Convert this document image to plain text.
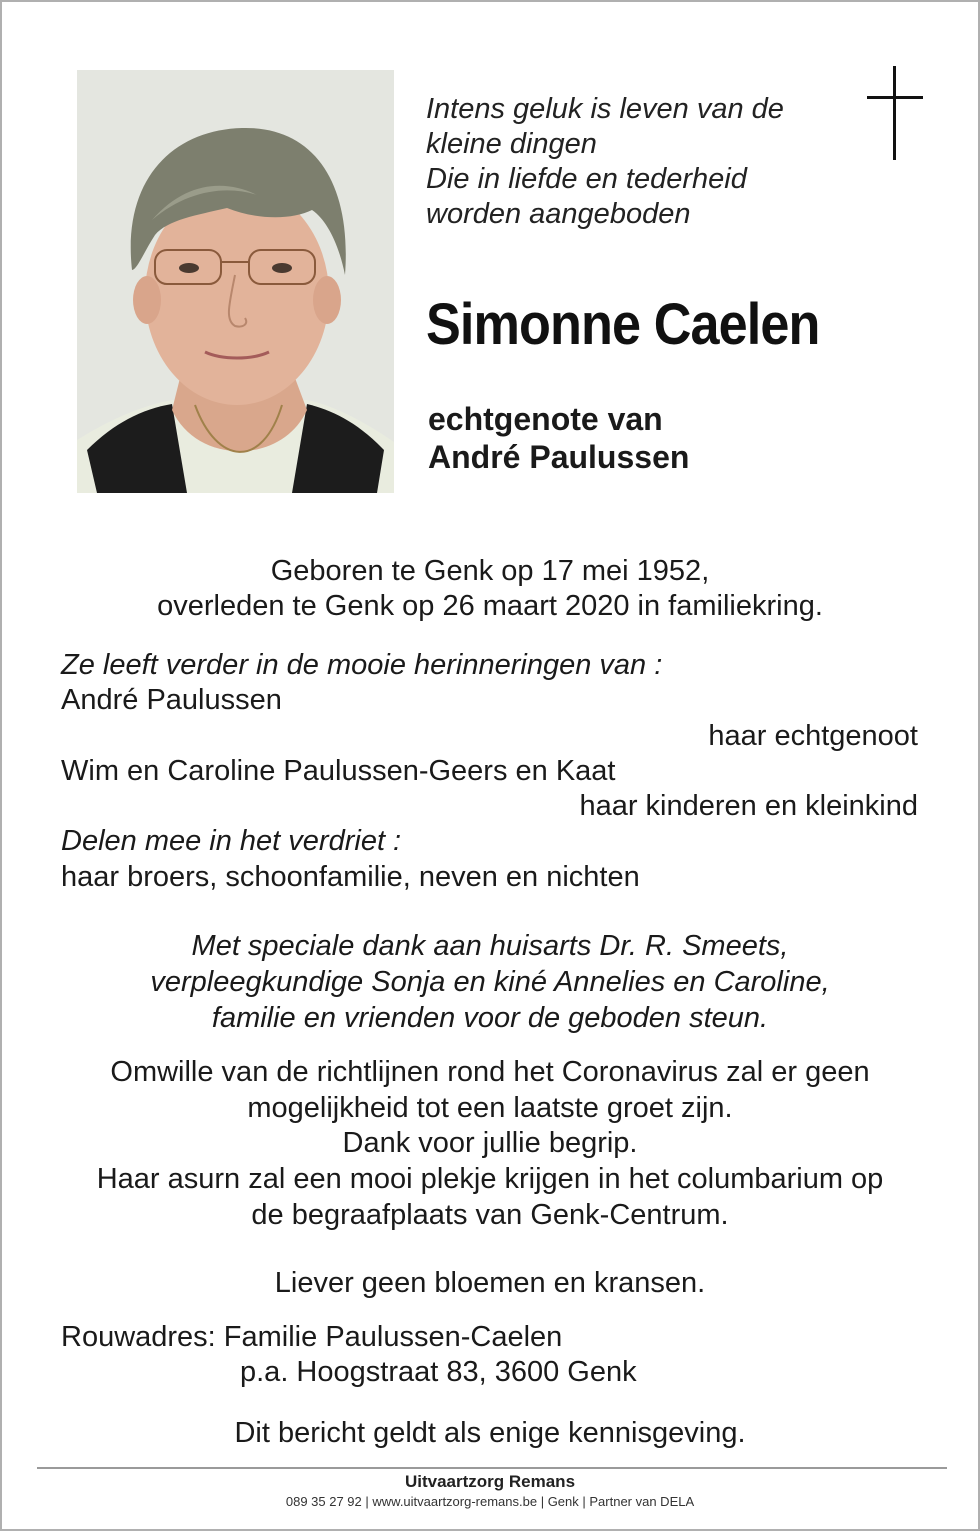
Intens geluk is leven van de
kleine dingen
Die in liefde en tederheid
worden aangeboden
Simonne Caelen
echtgenote van
André Paulussen
Geboren te Genk op 17 mei 1952,
overleden te Genk op 26 maart 2020 in familiekring.
Ze leeft verder in de mooie herinneringen van :
André Paulussen
haar echtgenoot
Wim en Caroline Paulussen-Geers en Kaat
haar kinderen en kleinkind
Delen mee in het verdriet :
haar broers, schoonfamilie, neven en nichten
Met speciale dank aan huisarts Dr. R. Smeets,
verpleegkundige Sonja en kiné Annelies en Caroline,
familie en vrienden voor de geboden steun.
Omwille van de richtlijnen rond het Coronavirus zal er geen
mogelijkheid tot een laatste groet zijn.
Dank voor jullie begrip.
Haar asurn zal een mooi plekje krijgen in het columbarium op
de begraafplaats van Genk-Centrum.
Liever geen bloemen en kransen.
Rouwadres: Familie Paulussen-Caelen
p.a. Hoogstraat 83, 3600 Genk
Dit bericht geldt als enige kennisgeving.
Uitvaartzorg Remans
089 35 27 92 | www.uitvaartzorg-remans.be | Genk | Partner van DELA
